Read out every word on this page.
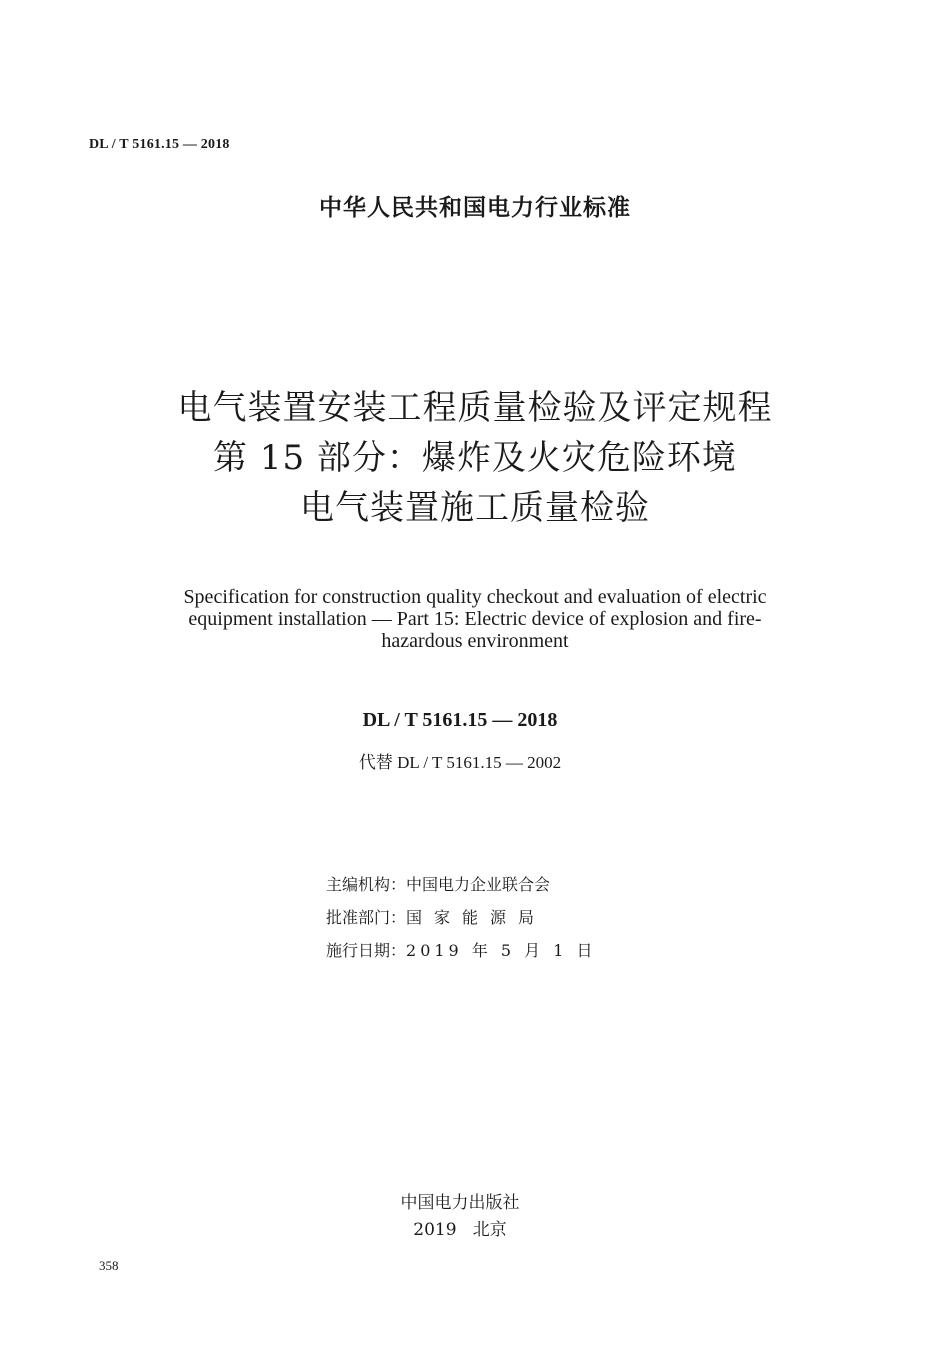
DL / T 5161.15 — 2018
中华人民共和国电力行业标准
电气装置安装工程质量检验及评定规程
第 15 部分：爆炸及火灾危险环境
电气装置施工质量检验
Specification for construction quality checkout and evaluation of electric
equipment installation — Part 15: Electric device of explosion and fire-
hazardous environment
DL / T 5161.15 — 2018
代替 DL / T 5161.15 — 2002
主编机构：中国电力企业联合会
批准部门：国家能源局
施行日期：2019 年 5 月 1 日
中国电力出版社
2019   北京
358
